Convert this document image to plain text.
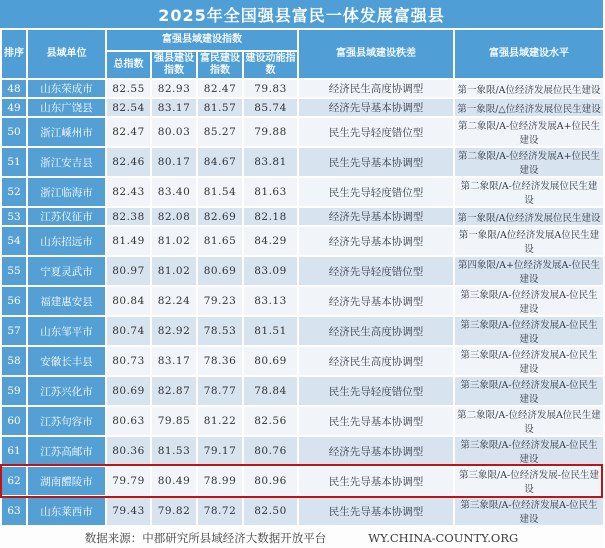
2025年全国强县富民一体发展富强县
排序	县域单位	富强县域建设指数				富强县域建设秩差	富强县域建设水平
		总指数	强县建设指数	富民建设指数	建设动能指数		
48	山东荣成市	82.55	82.93	82.47	79.83	经济民生高度协调型	第一象限/A位经济发展位民生建设
49	山东广饶县	82.54	83.17	81.57	85.74	经济先导基本协调型	第一象限/△位经济发展位民生建设
50	浙江嵊州市	82.47	80.03	85.27	79.88	民生先导轻度错位型	第二象限/A-位经济发展A+位民生建设
51	浙江安吉县	82.46	80.17	84.67	83.81	民生先导基本协调型	第二象限/A-位经济发展A+位民生建设
52	浙江临海市	82.43	83.40	81.54	81.63	民生先导轻度错位型	第二象限/A-位经济发展位民生建设
53	江苏仪征市	82.38	82.08	82.69	82.18	经济先导基本协调型	第一象限/A位经济发展位民生建设
54	山东招远市	81.49	81.02	81.65	84.29	经济先导基本协调型	第一象限/A位经济发展A位民生建设
55	宁夏灵武市	80.97	81.02	80.69	83.09	经济先导轻度错位型	第四象限/A+位经济发展A-位民生建设
56	福建惠安县	80.84	82.24	79.23	83.13	经济先导基本协调型	第三象限/A-位经济发展A-位民生建设
57	山东邹平市	80.74	82.92	78.53	81.51	经济民生高度协调型	第三象限/A-位经济发展A-位民生建设
58	安徽长丰县	80.73	83.17	78.36	80.69	经济民生高度协调型	第三象限/A-位经济发展A-位民生建设
59	江苏兴化市	80.69	82.87	78.77	78.84	民生先导轻度错位型	第三象限/A-位经济发展A-位民生建设
60	江苏句容市	80.63	79.85	81.22	82.56	民生先导基本协调型	第二象限/A-位经济发展A位民生建设
61	江苏高邮市	80.36	81.53	79.17	80.76	经济先导基本协调型	第三象限/A-位经济发展A-位民生建设
62	湖南醴陵市	79.79	80.49	78.99	80.96	民生先导基本协调型	第三象限/A-位经济发展-位民生建设
63	山东莱西市	79.43	79.82	78.72	82.50	民生先导基本协调型	第三象限/A-位经济发展A-位民生建设
数据来源：中郡研究所县域经济大数据开放平台	WY.CHINA-COUNTY.ORG
